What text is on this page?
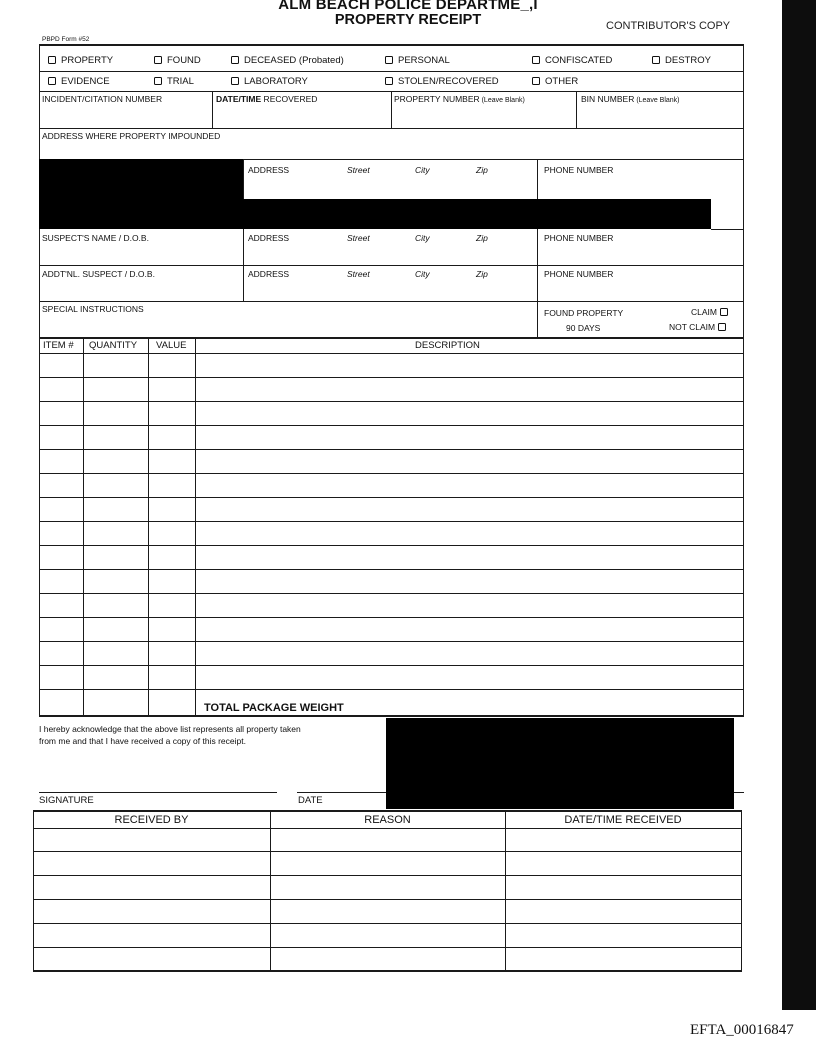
ALM BEACH POLICE DEPARTME_,I
PROPERTY RECEIPT	CONTRIBUTOR'S COPY
PBPD Form #52
PROPERTY	FOUND	DECEASED (Probated)	PERSONAL	CONFISCATED	DESTROY
EVIDENCE	TRIAL	LABORATORY	STOLEN/RECOVERED	OTHER
INCIDENT/CITATION NUMBER	DATE/TIME RECOVERED	PROPERTY NUMBER (Leave Blank)	BIN NUMBER (Leave Blank)
ADDRESS WHERE PROPERTY IMPOUNDED
ADDRESS	Street	City	Zip	PHONE NUMBER
SUSPECT'S NAME / D.O.B.	ADDRESS	Street	City	Zip	PHONE NUMBER
ADDT'NL. SUSPECT / D.O.B.	ADDRESS	Street	City	Zip	PHONE NUMBER
SPECIAL INSTRUCTIONS	FOUND PROPERTY
90 DAYS
CLAIM
NOT CLAIM
ITEM # QUANTITY VALUE	DESCRIPTION
TOTAL PACKAGE WEIGHT
I hereby acknowledge that the above list represents all property taken
from me and that I have received a copy of this receipt.
SIGNATURE	DATE
RECEIVED BY	REASON	DATE/TIME RECEIVED
EFTA_00016847
